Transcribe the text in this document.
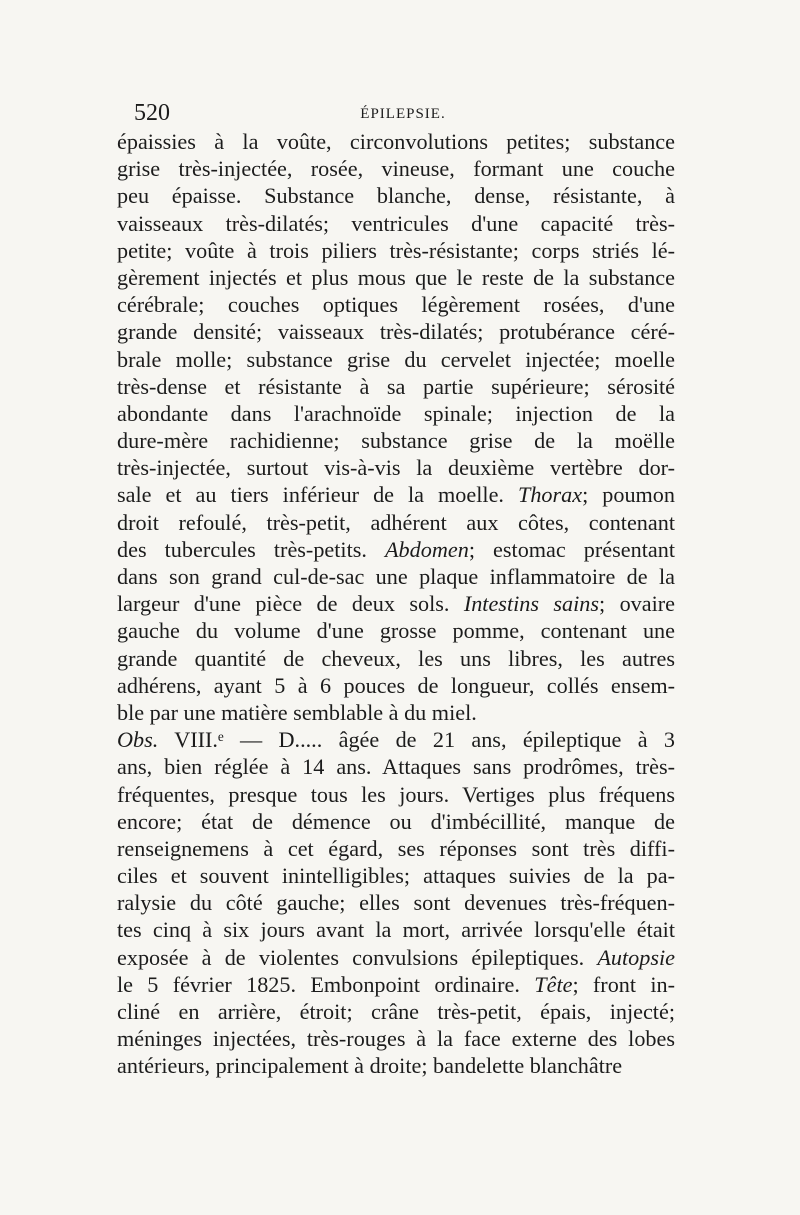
520	ÉPILEPSIE.
épaissies à la voûte, circonvolutions petites; substance
grise très-injectée, rosée, vineuse, formant une couche
peu épaisse. Substance blanche, dense, résistante, à
vaisseaux très-dilatés; ventricules d'une capacité très-
petite; voûte à trois piliers très-résistante; corps striés lé-
gèrement injectés et plus mous que le reste de la substance
cérébrale; couches optiques légèrement rosées, d'une
grande densité; vaisseaux très-dilatés; protubérance céré-
brale molle; substance grise du cervelet injectée; moelle
très-dense et résistante à sa partie supérieure; sérosité
abondante dans l'arachnoïde spinale; injection de la
dure-mère rachidienne; substance grise de la moëlle
très-injectée, surtout vis-à-vis la deuxième vertèbre dor-
sale et au tiers inférieur de la moelle. Thorax; poumon
droit refoulé, très-petit, adhérent aux côtes, contenant
des tubercules très-petits. Abdomen; estomac présentant
dans son grand cul-de-sac une plaque inflammatoire de la
largeur d'une pièce de deux sols. Intestins sains; ovaire
gauche du volume d'une grosse pomme, contenant une
grande quantité de cheveux, les uns libres, les autres
adhérens, ayant 5 à 6 pouces de longueur, collés ensem-
ble par une matière semblable à du miel.
Obs. VIII.ᵉ — D..... âgée de 21 ans, épileptique à 3
ans, bien réglée à 14 ans. Attaques sans prodrômes, très-
fréquentes, presque tous les jours. Vertiges plus fréquens
encore; état de démence ou d'imbécillité, manque de
renseignemens à cet égard, ses réponses sont très diffi-
ciles et souvent inintelligibles; attaques suivies de la pa-
ralysie du côté gauche; elles sont devenues très-fréquen-
tes cinq à six jours avant la mort, arrivée lorsqu'elle était
exposée à de violentes convulsions épileptiques. Autopsie
le 5 février 1825. Embonpoint ordinaire. Tête; front in-
cliné en arrière, étroit; crâne très-petit, épais, injecté;
méninges injectées, très-rouges à la face externe des lobes
antérieurs, principalement à droite; bandelette blanchâtre
